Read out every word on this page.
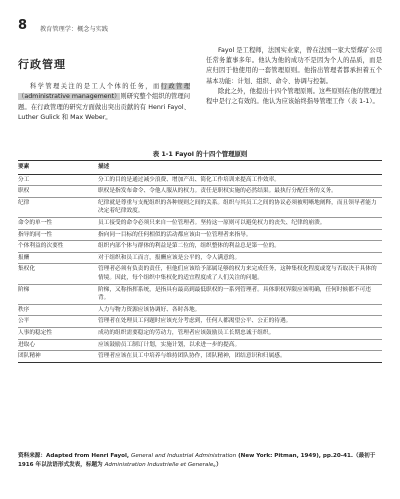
8 教育管理学：概念与实践
行政管理

科学管理关注的是工人个体的任务，而行政管理（administrative management）则研究整个组织的管理问题。在行政管理的研究方面做出突出贡献的有 Henri Fayol、Luther Gulick 和 Max Weber。

Fayol 是工程师，法国实业家，曾在法国一家大型煤矿公司任常务董事多年。他认为他的成功不是因为个人的品质，而是应归因于他使用的一套管理原则。他指出管理者都承担着五个基本功能：计划、组织、命令、协调与控制。

除此之外，他提出十四个管理原则。这些原则在他的管理过程中是行之有效的。他认为应该始终指导管理工作（表 1-1）。

表 1-1 Fayol 的十四个管理原则
要素	描述
分工	分工的目的是通过减少浪费、增加产出、简化工作培训来提高工作效率。
职权	职权是指发布命令、令他人服从的权力。责任是职权实施的必然结果。最执行分配任务的义务。
纪律	纪律就是尊重与支配组织的各种规则之间的关系。组织与其员工之间的协议必须被明晰地阐释，而且领导者能力决定着纪律效度。
命令的单一性	员工接受的命令必须只来自一位管理者。坚持这一原则可以避免权力的丧失、纪律的崩溃。
指导的同一性	指向同一目标的任何相似的活动都应该由一位管理者来指导。
个体利益的次要性	组织内部个体与群体的利益是第二位的，组织整体的利益总是第一位的。
报酬	对于组织和员工而言，报酬应该是公平的，令人满意的。
集权化	管理者必须有负责的责任，但他们应该给予部属足够的权力来完成任务，这种集权化程度或宽与否取决于具体的情境。因此，每个组织中集权化的适宜程度成了人们关注的问题。
阶梯	阶梯，又称指挥系统，是指具有最高到最低职权的一系列管理者。具体职权界限应该明确，任何时候都不可违背。
秩序	人力与物力资源应该协调好、各时各地。
公平	管理者在处理员工问题时应该充分考虑到，任何人都渴望公平、公正的待遇。
人事的稳定性	成功的组织需要稳定的劳动力，管理者应该鼓励员工长期忠诚于组织。
进取心	应该鼓励员工制订计划，实施计划，以求进一步的提高。
团队精神	管理者应该在员工中培养与维持团队协作，团队精神，团结意识和归属感。
资料来源：Adapted from Henri Fayol, General and Industrial Administration (New York: Pitman, 1949), pp.20-41.（最初于 1916 年以法语形式发表，标题为 Administration Industrielle et Generale。）
